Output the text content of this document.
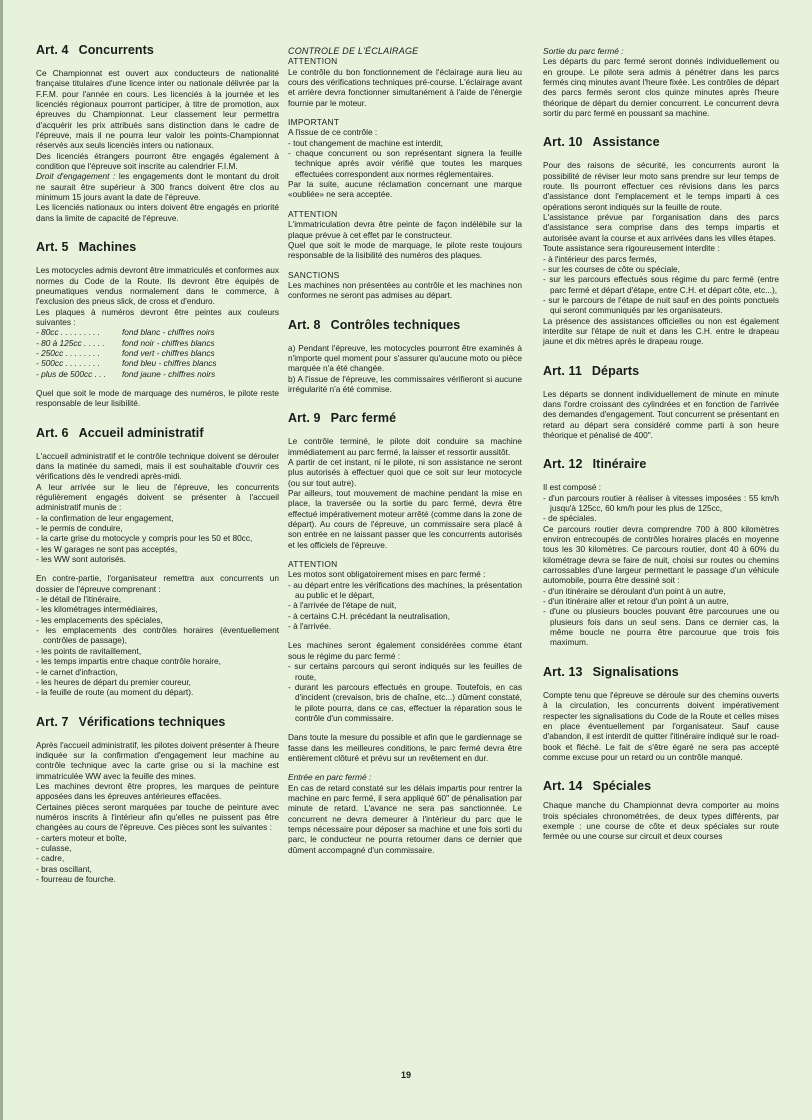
Art. 4 Concurrents

Ce Championnat est ouvert aux conducteurs de nationalité française titulaires d'une licence inter ou nationale délivrée par la F.F.M. pour l'année en cours. Les licenciés à la journée et les licenciés régionaux pourront participer, à titre de promotion, aux épreuves du Championnat. Leur classement leur permettra d'acquérir les prix attribués sans distinction dans le cadre de l'épreuve, mais il ne pourra leur valoir les points-Championnat réservés aux seuls licenciés inters ou nationaux.

Des licenciés étrangers pourront être engagés également à condition que l'épreuve soit inscrite au calendrier F.I.M.

Droit d'engagement : les engagements dont le montant du droit ne saurait être supérieur à 300 francs doivent être clos au minimum 15 jours avant la date de l'épreuve.

Les licenciés nationaux ou inters doivent être engagés en priorité dans la limite de capacité de l'épreuve.

Art. 5 Machines

Les motocycles admis devront être immatriculés et conformes aux normes du Code de la Route. Ils devront être équipés de pneumatiques vendus normalement dans le commerce, à l'exclusion des pneus slick, de cross et d'enduro.

Les plaques à numéros devront être peintes aux couleurs suivantes :

- 80cc . . . . . . . . .	fond blanc - chiffres noirs
- 80 à 125cc . . . . .	fond noir - chiffres blancs
- 250cc . . . . . . . .	fond vert - chiffres blancs
- 500cc . . . . . . . .	fond bleu - chiffres blancs
- plus de 500cc . . .	fond jaune - chiffres noirs

Quel que soit le mode de marquage des numéros, le pilote reste responsable de leur lisibilité.

Art. 6 Accueil administratif

L'accueil administratif et le contrôle technique doivent se dérouler dans la matinée du samedi, mais il est souhaitable d'ouvrir ces vérifications dès le vendredi après-midi.

A leur arrivée sur le lieu de l'épreuve, les concurrents régulièrement engagés doivent se présenter à l'accueil administratif munis de :

- la confirmation de leur engagement,
- le permis de conduire,
- la carte grise du motocycle y compris pour les 50 et 80cc,
- les W garages ne sont pas acceptés,
- les WW sont autorisés.

En contre-partie, l'organisateur remettra aux concurrents un dossier de l'épreuve comprenant :

- le détail de l'itinéraire,
- les kilométrages intermédiaires,
- les emplacements des spéciales,
- les emplacements des contrôles horaires (éventuellement contrôles de passage),
- les points de ravitaillement,
- les temps impartis entre chaque contrôle horaire,
- le carnet d'infraction,
- les heures de départ du premier coureur,
- la feuille de route (au moment du départ).
Art. 7 Vérifications techniques

Après l'accueil administratif, les pilotes doivent présenter à l'heure indiquée sur la confirmation d'engagement leur machine au contrôle technique avec la carte grise ou si la machine est immatriculée WW avec la feuille des mines.

Les machines devront être propres, les marques de peinture apposées dans les épreuves antérieures effacées.

Certaines pièces seront marquées par touche de peinture avec numéros inscrits à l'intérieur afin qu'elles ne puissent pas être changées au cours de l'épreuve. Ces pièces sont les suivantes :

- carters moteur et boîte,
- culasse,
- cadre,
- bras oscillant,
- fourreau de fourche.
CONTROLE DE L'ÉCLAIRAGE
ATTENTION

Le contrôle du bon fonctionnement de l'éclairage aura lieu au cours des vérifications techniques pré-course. L'éclairage avant et arrière devra fonctionner simultanément à l'aide de l'énergie fournie par le moteur.

IMPORTANT

A l'issue de ce contrôle :

- tout changement de machine est interdit,
- chaque concurrent ou son représentant signera la feuille technique après avoir vérifié que toutes les marques effectuées correspondent aux normes réglementaires.

Par la suite, aucune réclamation concernant une marque «oubliée» ne sera acceptée.

ATTENTION

L'immatriculation devra être peinte de façon indélébile sur la plaque prévue à cet effet par le constructeur.

Quel que soit le mode de marquage, le pilote reste toujours responsable de la lisibilité des numéros des plaques.

SANCTIONS

Les machines non présentées au contrôle et les machines non conformes ne seront pas admises au départ.

Art. 8 Contrôles techniques

a) Pendant l'épreuve, les motocycles pourront être examinés à n'importe quel moment pour s'assurer qu'aucune moto ou pièce marquée n'a été changée.

b) A l'issue de l'épreuve, les commissaires vérifieront si aucune irrégularité n'a été commise.

Art. 9 Parc fermé

Le contrôle terminé, le pilote doit conduire sa machine immédiatement au parc fermé, la laisser et ressortir aussitôt.

A partir de cet instant, ni le pilote, ni son assistance ne seront plus autorisés à effectuer quoi que ce soit sur leur motocycle (ou sur tout autre).

Par ailleurs, tout mouvement de machine pendant la mise en place, la traversée ou la sortie du parc fermé, devra être effectué impérativement moteur arrêté (comme dans la zone de départ). Au cours de l'épreuve, un commissaire sera placé à son entrée en ne laissant passer que les concurrents autorisés et les officiels de l'épreuve.

ATTENTION

Les motos sont obligatoirement mises en parc fermé :

- au départ entre les vérifications des machines, la présentation au public et le départ,
- à l'arrivée de l'étape de nuit,
- à certains C.H. précédant la neutralisation,
- à l'arrivée.

Les machines seront également considérées comme étant sous le régime du parc fermé :

- sur certains parcours qui seront indiqués sur les feuilles de route,
- durant les parcours effectués en groupe. Toutefois, en cas d'incident (crevaison, bris de chaîne, etc...) dûment constaté, le pilote pourra, dans ce cas, effectuer la réparation sous le contrôle d'un commissaire.

Dans toute la mesure du possible et afin que le gardiennage se fasse dans les meilleures conditions, le parc fermé devra être entièrement clôturé et prévu sur un revêtement en dur.

Entrée en parc fermé :

En cas de retard constaté sur les délais impartis pour rentrer la machine en parc fermé, il sera appliqué 60" de pénalisation par minute de retard. L'avance ne sera pas sanctionnée. Le concurrent ne devra demeurer à l'intérieur du parc que le temps nécessaire pour déposer sa machine et une fois sorti du parc, le conducteur ne pourra retourner dans ce dernier que dûment accompagné d'un commissaire.

Sortie du parc fermé :

Les départs du parc fermé seront donnés individuellement ou en groupe. Le pilote sera admis à pénétrer dans les parcs fermés cinq minutes avant l'heure fixée. Les contrôles de départ des parcs fermés seront clos quinze minutes après l'heure théorique de départ du dernier concurrent. Le concurrent devra sortir du parc fermé en poussant sa machine.

Art. 10 Assistance

Pour des raisons de sécurité, les concurrents auront la possibilité de réviser leur moto sans prendre sur leur temps de route. Ils pourront effectuer ces révisions dans les parcs d'assistance dont l'emplacement et le temps imparti à ces opérations seront indiqués sur la feuille de route.

L'assistance prévue par l'organisation dans des parcs d'assistance sera comprise dans des temps impartis et autorisée avant la course et aux arrivées dans les villes étapes.

Toute assistance sera rigoureusement interdite :

- à l'intérieur des parcs fermés,
- sur les courses de côte ou spéciale,
- sur les parcours effectués sous régime du parc fermé (entre parc fermé et départ d'étape, entre C.H. et départ côte, etc...),
- sur le parcours de l'étape de nuit sauf en des points ponctuels qui seront communiqués par les organisateurs.

La présence des assistances officielles ou non est également interdite sur l'étape de nuit et dans les C.H. entre le drapeau jaune et dix mètres après le drapeau rouge.

Art. 11 Départs

Les départs se donnent individuellement de minute en minute dans l'ordre croissant des cylindrées et en fonction de l'arrivée des demandes d'engagement. Tout concurrent se présentant en retard au départ sera considéré comme parti à son heure théorique et pénalisé de 400".

Art. 12 Itinéraire

Il est composé :

- d'un parcours routier à réaliser à vitesses imposées : 55 km/h jusqu'à 125cc, 60 km/h pour les plus de 125cc,
- de spéciales.

Ce parcours routier devra comprendre 700 à 800 kilomètres environ entrecoupés de contrôles horaires placés en moyenne tous les 30 kilomètres. Ce parcours routier, dont 40 à 60% du kilométrage devra se faire de nuit, choisi sur routes ou chemins carrossables d'une largeur permettant le passage d'un véhicule automobile, pourra être dessiné soit :

- d'un itinéraire se déroulant d'un point à un autre,
- d'un itinéraire aller et retour d'un point à un autre,
- d'une ou plusieurs boucles pouvant être parcourues une ou plusieurs fois dans un seul sens. Dans ce dernier cas, la même boucle ne pourra être parcourue que trois fois maximum.
Art. 13 Signalisations

Compte tenu que l'épreuve se déroule sur des chemins ouverts à la circulation, les concurrents doivent impérativement respecter les signalisations du Code de la Route et celles mises en place éventuellement par l'organisateur. Sauf cause d'abandon, il est interdit de quitter l'itinéraire indiqué sur le road-book et fléché. Le fait de s'être égaré ne sera pas accepté comme excuse pour un retard ou un contrôle manqué.

Art. 14 Spéciales

Chaque manche du Championnat devra comporter au moins trois spéciales chronométrées, de deux types différents, par exemple : une course de côte et deux spéciales sur route fermée ou une course sur circuit et deux courses

19
